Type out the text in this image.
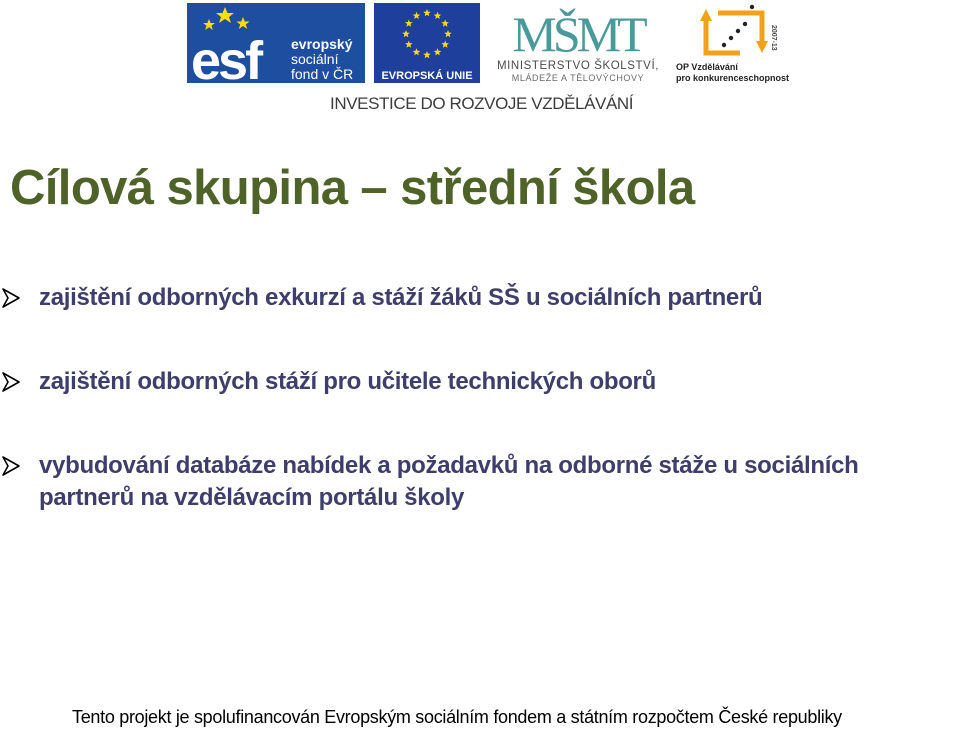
esf evropský
sociální
fond v ČR	EVROPSKÁ UNIE
MŠMT
MINISTERSTVO ŠKOLSTVÍ,
MLÁDEŽE A TĚLOVÝCHOVY
2007-13
OP Vzdělávání
pro konkurenceschopnost
INVESTICE DO ROZVOJE VZDĚLÁVÁNÍ
Cílová skupina – střední škola
zajištění odborných exkurzí a stáží žáků SŠ u sociálních partnerů
zajištění odborných stáží pro učitele technických oborů
vybudování databáze nabídek a požadavků na odborné stáže u sociálních partnerů na vzdělávacím portálu školy
Tento projekt je spolufinancován Evropským sociálním fondem a státním rozpočtem České republiky
